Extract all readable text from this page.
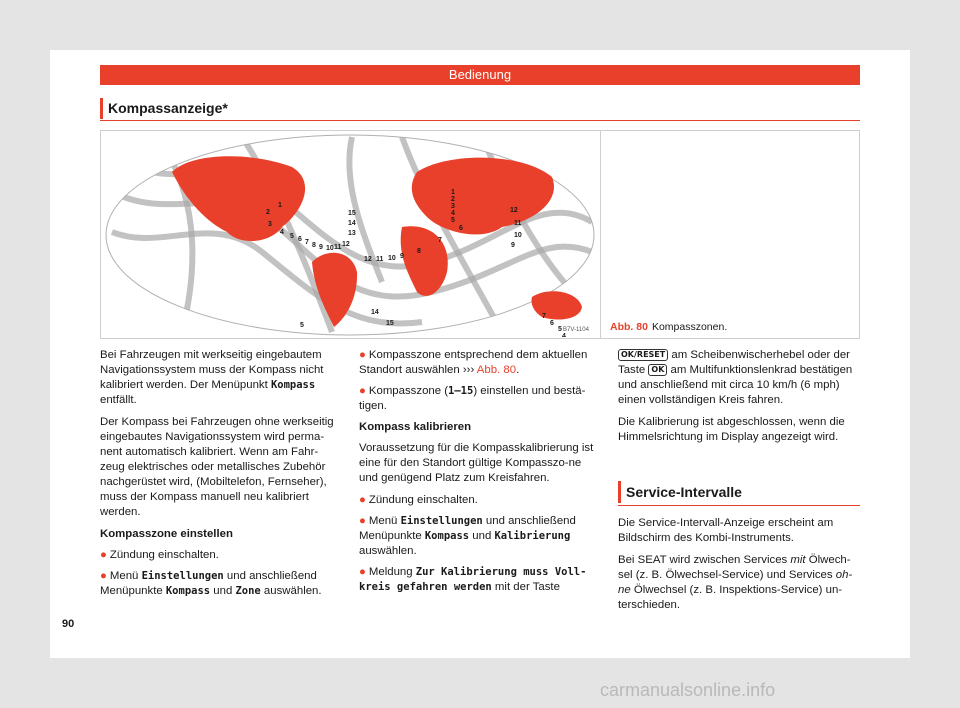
Bedienung
Kompassanzeige*
1
2
3
4
5 6 7 8 9 10 11 12
15
14
13
12 11 10 9
1
2
3
4
5
6
7
8
12
11
10
9
5
14
15
7
6
5
4
B7V-1104 Abb. 80 Kompasszonen.

Bei Fahrzeugen mit werkseitig eingebautem Navigationssystem muss der Kompass nicht kalibriert werden. Der Menüpunkt Kompass entfällt.

Der Kompass bei Fahrzeugen ohne werkseitig eingebautes Navigationssystem wird perma-nent automatisch kalibriert. Wenn am Fahr-zeug elektrisches oder metallisches Zubehör nachgerüstet wird, (Mobiltelefon, Fernseher), muss der Kompass manuell neu kalibriert werden.

Kompasszone einstellen
● Zündung einschalten.
● Menü Einstellungen und anschließend Menüpunkte Kompass und Zone auswählen.
● Kompasszone entsprechend dem aktuellen Standort auswählen ››› Abb. 80.
● Kompasszone (1–15) einstellen und bestä-tigen.
Kompass kalibrieren

Voraussetzung für die Kompasskalibrierung ist eine für den Standort gültige Kompasszo-ne und genügend Platz zum Kreisfahren.

● Zündung einschalten.
● Menü Einstellungen und anschließend Menüpunkte Kompass und Kalibrierung auswählen.
● Meldung Zur Kalibrierung muss Voll-kreis gefahren werden mit der Taste

OK/RESET am Scheibenwischerhebel oder der Taste OK am Multifunktionslenkrad bestätigen und anschließend mit circa 10 km/h (6 mph) einen vollständigen Kreis fahren.

Die Kalibrierung ist abgeschlossen, wenn die Himmelsrichtung im Display angezeigt wird.

Service-Intervalle

Die Service-Intervall-Anzeige erscheint am Bildschirm des Kombi-Instruments.

Bei SEAT wird zwischen Services mit Ölwech-sel (z. B. Ölwechsel-Service) und Services oh-ne Ölwechsel (z. B. Inspektions-Service) un-terschieden.

90
carmanualsonline.info
